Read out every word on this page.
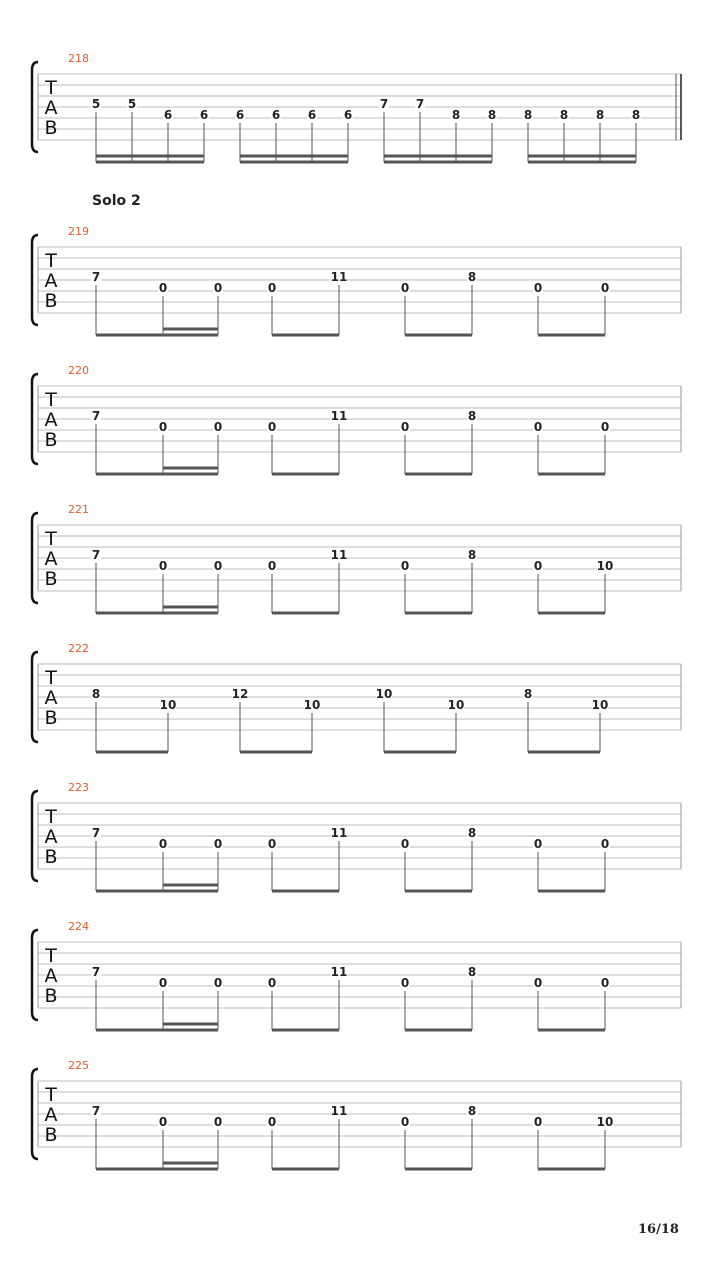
T
A
B
218
5 5
6 6 6 6 6 6
7 7
8 8 8 8 8 8
T
A
B
219
7
0	0	0
11
0
8
0	0
T
A
B
220
7
0	0	0
11
0
8
0	0
T
A
B
221
7
0	0	0
11
0
8
0	10
T
A
B
222
8
10
12
10
10
10
8
10
T
A
B
223
7
0	0	0
11
0
8
0	0
T
A
B
224
7
0	0	0
11
0
8
0	0
T
A
B
225
7
0	0	0
11
0
8
0	10
Solo 2
16/18
